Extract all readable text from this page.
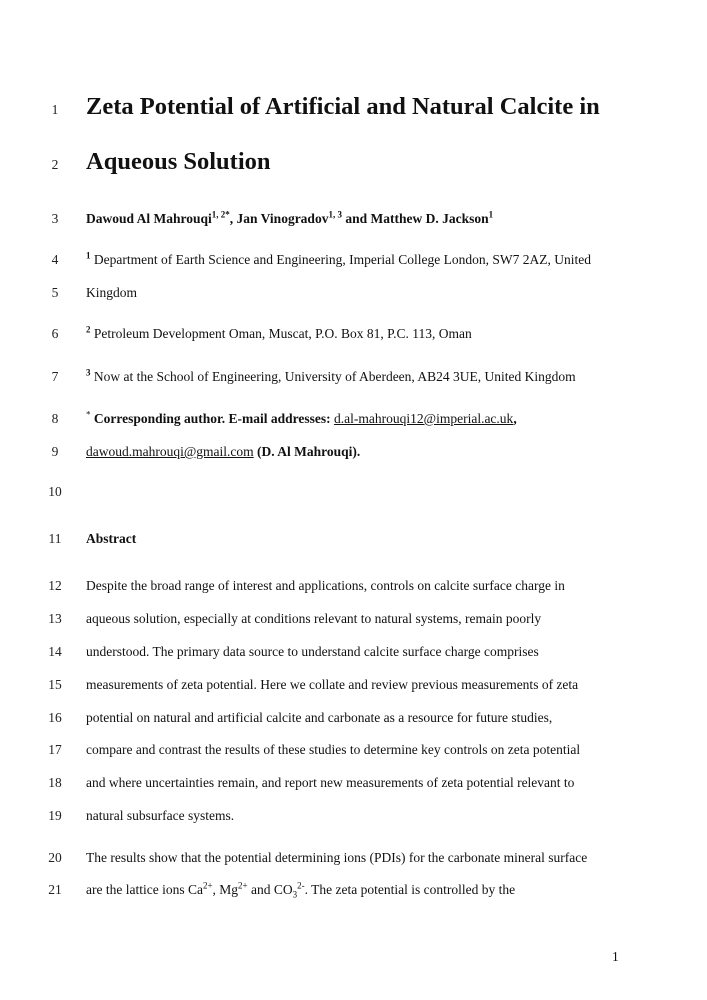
1
2
3
4
5
6
7
8
9
10
11
12
13
14
15
16
17
18
19
20
21
Zeta Potential of Artificial and Natural Calcite in
Aqueous Solution
Dawoud Al Mahrouqi$^{1, 2*}$, Jan Vinogradov$^{1, 3}$ and Matthew D. Jackson$^1$
$^1$ Department of Earth Science and Engineering, Imperial College London, SW7 2AZ, United
Kingdom
$^2$ Petroleum Development Oman, Muscat, P.O. Box 81, P.C. 113, Oman
$^3$ Now at the School of Engineering, University of Aberdeen, AB24 3UE, United Kingdom
* Corresponding author. E-mail addresses: d.al-mahrouqi12@imperial.ac.uk,
dawoud.mahrouqi@gmail.com (D. Al Mahrouqi).
Abstract
Despite the broad range of interest and applications, controls on calcite surface charge in
aqueous solution, especially at conditions relevant to natural systems, remain poorly
understood. The primary data source to understand calcite surface charge comprises
measurements of zeta potential. Here we collate and review previous measurements of zeta
potential on natural and artificial calcite and carbonate as a resource for future studies,
compare and contrast the results of these studies to determine key controls on zeta potential
and where uncertainties remain, and report new measurements of zeta potential relevant to
natural subsurface systems.
The results show that the potential determining ions (PDIs) for the carbonate mineral surface
are the lattice ions $Ca^{2+}$, $Mg^{2+}$ and $CO_3^{2-}$. The zeta potential is controlled by the
1
